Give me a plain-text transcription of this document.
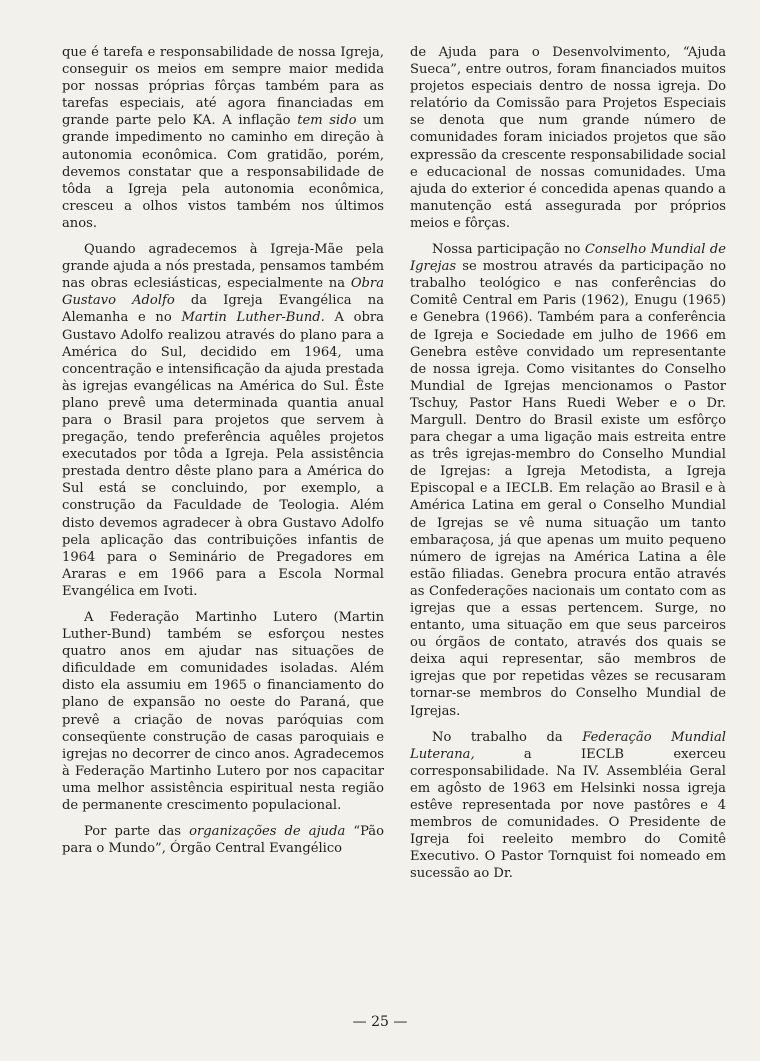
que é tarefa e responsabilidade de nossa Igreja, conseguir os meios em sempre maior medida por nossas próprias fôrças também para as tarefas especiais, até agora financiadas em grande parte pelo KA. A inflação tem sido um grande impedimento no caminho em direção à autonomia econômica. Com gratidão, porém, devemos constatar que a responsabilidade de tôda a Igreja pela autonomia econômica, cresceu a olhos vistos também nos últimos anos.

Quando agradecemos à Igreja-Mãe pela grande ajuda a nós prestada, pensamos também nas obras eclesiásticas, especialmente na Obra Gustavo Adolfo da Igreja Evangélica na Alemanha e no Martin Luther-Bund. A obra Gustavo Adolfo realizou através do plano para a América do Sul, decidido em 1964, uma concentração e intensificação da ajuda prestada às igrejas evangélicas na América do Sul. Êste plano prevê uma determinada quantia anual para o Brasil para projetos que servem à pregação, tendo preferência aquêles projetos executados por tôda a Igreja. Pela assistência prestada dentro dêste plano para a América do Sul está se concluindo, por exemplo, a construção da Faculdade de Teologia. Além disto devemos agradecer à obra Gustavo Adolfo pela aplicação das contribuições infantis de 1964 para o Seminário de Pregadores em Araras e em 1966 para a Escola Normal Evangélica em Ivoti.

A Federação Martinho Lutero (Martin Luther-Bund) também se esforçou nestes quatro anos em ajudar nas situações de dificuldade em comunidades isoladas. Além disto ela assumiu em 1965 o financiamento do plano de expansão no oeste do Paraná, que prevê a criação de novas paróquias com conseqüente construção de casas paroquiais e igrejas no decorrer de cinco anos. Agradecemos à Federação Martinho Lutero por nos capacitar uma melhor assistência espiritual nesta região de permanente crescimento populacional.

Por parte das organizações de ajuda “Pão para o Mundo”, Órgão Central Evangélico

de Ajuda para o Desenvolvimento, “Ajuda Sueca”, entre outros, foram financiados muitos projetos especiais dentro de nossa igreja. Do relatório da Comissão para Projetos Especiais se denota que num grande número de comunidades foram iniciados projetos que são expressão da crescente responsabilidade social e educacional de nossas comunidades. Uma ajuda do exterior é concedida apenas quando a manutenção está assegurada por próprios meios e fôrças.

Nossa participação no Conselho Mundial de Igrejas se mostrou através da participação no trabalho teológico e nas conferências do Comitê Central em Paris (1962), Enugu (1965) e Genebra (1966). Também para a conferência de Igreja e Sociedade em julho de 1966 em Genebra estêve convidado um representante de nossa igreja. Como visitantes do Conselho Mundial de Igrejas mencionamos o Pastor Tschuy, Pastor Hans Ruedi Weber e o Dr. Margull. Dentro do Brasil existe um esfôrço para chegar a uma ligação mais estreita entre as três igrejas-membro do Conselho Mundial de Igrejas: a Igreja Metodista, a Igreja Episcopal e a IECLB. Em relação ao Brasil e à América Latina em geral o Conselho Mundial de Igrejas se vê numa situação um tanto embaraçosa, já que apenas um muito pequeno número de igrejas na América Latina a êle estão filiadas. Genebra procura então através as Confederações nacionais um contato com as igrejas que a essas pertencem. Surge, no entanto, uma situação em que seus parceiros ou órgãos de contato, através dos quais se deixa aqui representar, são membros de igrejas que por repetidas vêzes se recusaram tornar-se membros do Conselho Mundial de Igrejas.

No trabalho da Federação Mundial Luterana, a IECLB exerceu corresponsabilidade. Na IV. Assembléia Geral em agôsto de 1963 em Helsinki nossa igreja estêve representada por nove pastôres e 4 membros de comunidades. O Presidente de Igreja foi reeleito membro do Comitê Executivo. O Pastor Tornquist foi nomeado em sucessão ao Dr.

— 25 —
